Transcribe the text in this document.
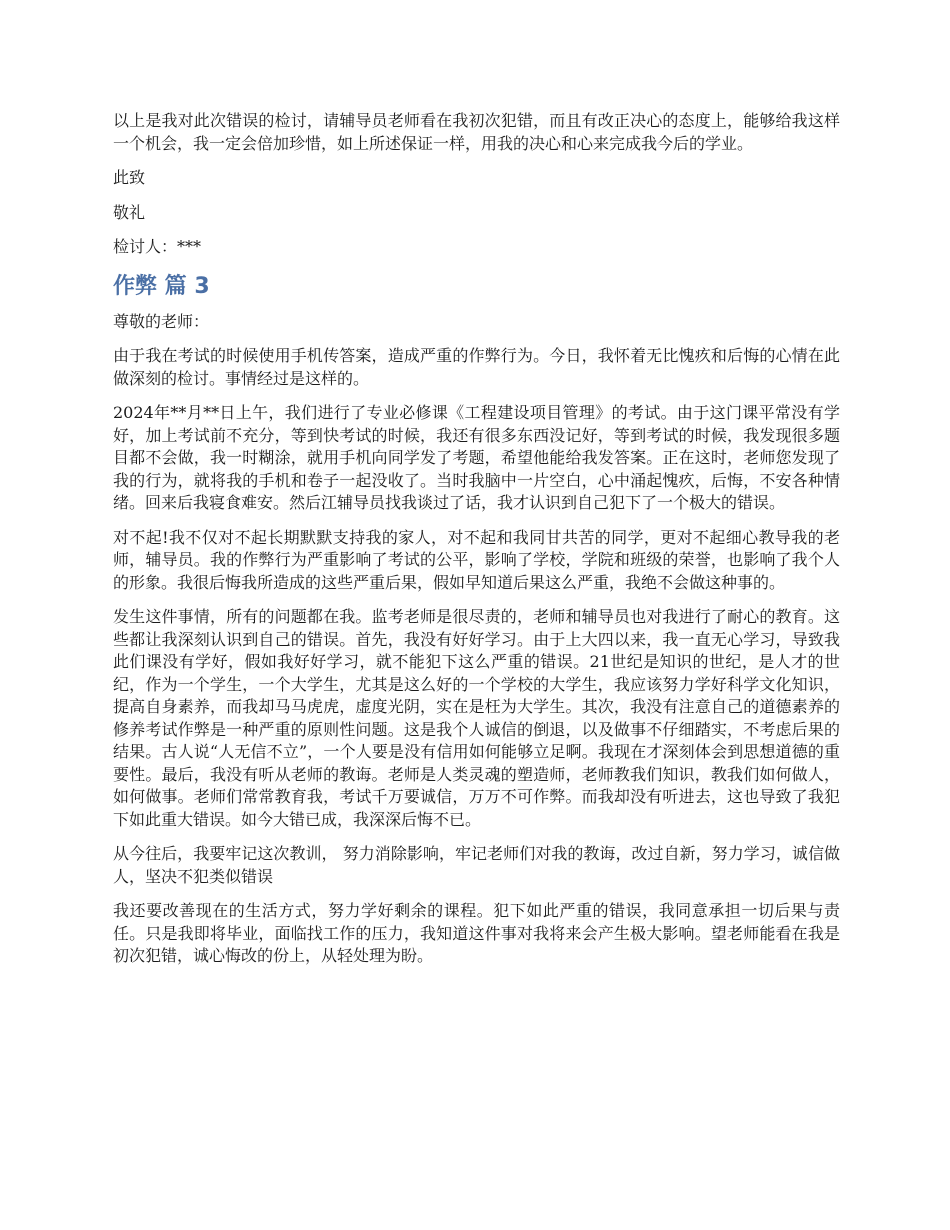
以上是我对此次错误的检讨，请辅导员老师看在我初次犯错，而且有改正决心的态度上，能够给我这样一个机会，我一定会倍加珍惜，如上所述保证一样，用我的决心和心来完成我今后的学业。

此致

敬礼

检讨人：***

作弊 篇 3

尊敬的老师：

由于我在考试的时候使用手机传答案，造成严重的作弊行为。今日，我怀着无比愧疚和后悔的心情在此做深刻的检讨。事情经过是这样的。

2024年**月**日上午，我们进行了专业必修课《工程建设项目管理》的考试。由于这门课平常没有学好，加上考试前不充分，等到快考试的时候，我还有很多东西没记好，等到考试的时候，我发现很多题目都不会做，我一时糊涂，就用手机向同学发了考题，希望他能给我发答案。正在这时，老师您发现了我的行为，就将我的手机和卷子一起没收了。当时我脑中一片空白，心中涌起愧疚，后悔，不安各种情绪。回来后我寝食难安。然后江辅导员找我谈过了话，我才认识到自己犯下了一个极大的错误。

对不起!我不仅对不起长期默默支持我的家人，对不起和我同甘共苦的同学，更对不起细心教导我的老师，辅导员。我的作弊行为严重影响了考试的公平，影响了学校，学院和班级的荣誉，也影响了我个人的形象。我很后悔我所造成的这些严重后果，假如早知道后果这么严重，我绝不会做这种事的。

发生这件事情，所有的问题都在我。监考老师是很尽责的，老师和辅导员也对我进行了耐心的教育。这些都让我深刻认识到自己的错误。首先，我没有好好学习。由于上大四以来，我一直无心学习，导致我此们课没有学好，假如我好好学习，就不能犯下这么严重的错误。21世纪是知识的世纪，是人才的世纪，作为一个学生，一个大学生，尤其是这么好的一个学校的大学生，我应该努力学好科学文化知识，提高自身素养，而我却马马虎虎，虚度光阴，实在是枉为大学生。其次，我没有注意自己的道德素养的修养考试作弊是一种严重的原则性问题。这是我个人诚信的倒退，以及做事不仔细踏实，不考虑后果的结果。古人说“人无信不立”，一个人要是没有信用如何能够立足啊。我现在才深刻体会到思想道德的重要性。最后，我没有听从老师的教诲。老师是人类灵魂的塑造师，老师教我们知识，教我们如何做人，如何做事。老师们常常教育我，考试千万要诚信，万万不可作弊。而我却没有听进去，这也导致了我犯下如此重大错误。如今大错已成，我深深后悔不已。

从今往后，我要牢记这次教训， 努力消除影响，牢记老师们对我的教诲，改过自新，努力学习，诚信做人，坚决不犯类似错误

我还要改善现在的生活方式，努力学好剩余的课程。犯下如此严重的错误，我同意承担一切后果与责任。只是我即将毕业，面临找工作的压力，我知道这件事对我将来会产生极大影响。望老师能看在我是初次犯错，诚心悔改的份上，从轻处理为盼。
